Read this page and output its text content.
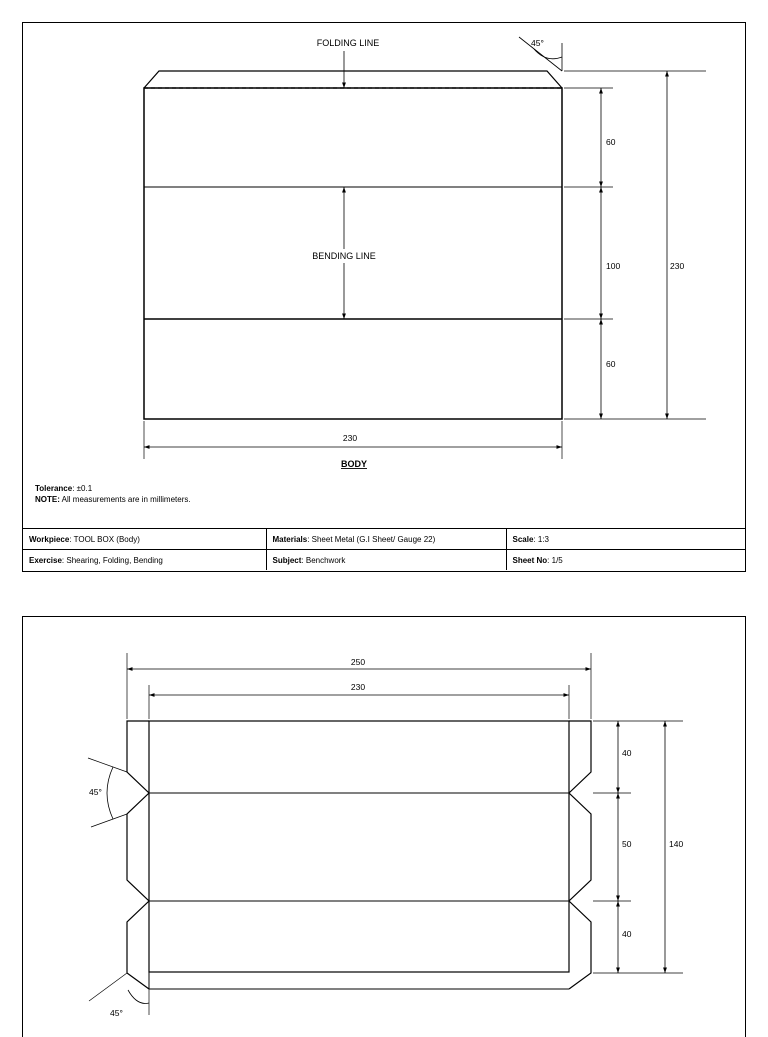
FOLDING LINE
BENDING LINE
45°
60
100
60
230
230
BODY
Tolerance: ±0.1
NOTE: All measurements are in millimeters.
Workpiece: TOOL BOX (Body)	Materials: Sheet Metal (G.I Sheet/ Gauge 22)	Scale: 1:3
Exercise: Shearing, Folding, Bending	Subject: Benchwork	Sheet No: 1/5
250
230
40
50
40
140
45°
45°
